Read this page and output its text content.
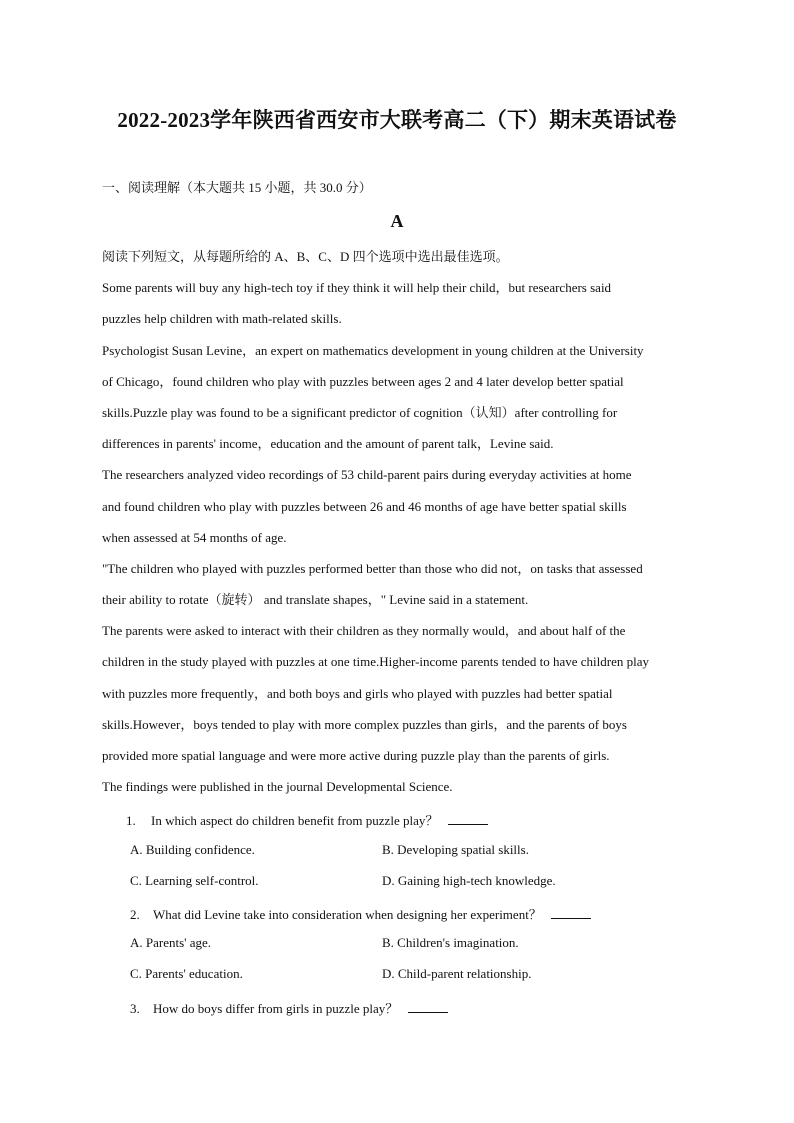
2022-2023学年陕西省西安市大联考高二（下）期末英语试卷
一、阅读理解（本大题共 15 小题，共 30.0 分）
A
阅读下列短文，从每题所给的 A、B、C、D 四个选项中选出最佳选项。
Some parents will buy any high-tech toy if they think it will help their child，but researchers said
puzzles help children with math-related skills.
Psychologist Susan Levine，an expert on mathematics development in young children at the University
of Chicago，found children who play with puzzles between ages 2 and 4 later develop better spatial
skills.Puzzle play was found to be a significant predictor of cognition（认知）after controlling for
differences in parents' income，education and the amount of parent talk，Levine said.
The researchers analyzed video recordings of 53 child-parent pairs during everyday activities at home
and found children who play with puzzles between 26 and 46 months of age have better spatial skills
when assessed at 54 months of age.
"The children who played with puzzles performed better than those who did not，on tasks that assessed
their ability to rotate（旋转） and translate shapes，" Levine said in a statement.
The parents were asked to interact with their children as they normally would，and about half of the
children in the study played with puzzles at one time.Higher-income parents tended to have children play
with puzzles more frequently，and both boys and girls who played with puzzles had better spatial
skills.However，boys tended to play with more complex puzzles than girls，and the parents of boys
provided more spatial language and were more active during puzzle play than the parents of girls.
The findings were published in the journal Developmental Science.
1. In which aspect do children benefit from puzzle play？
A. Building confidence.	B. Developing spatial skills.
C. Learning self-control.	D. Gaining high-tech knowledge.
2. What did Levine take into consideration when designing her experiment？
A. Parents' age.	B. Children's imagination.
C. Parents' education.	D. Child-parent relationship.
3. How do boys differ from girls in puzzle play？
